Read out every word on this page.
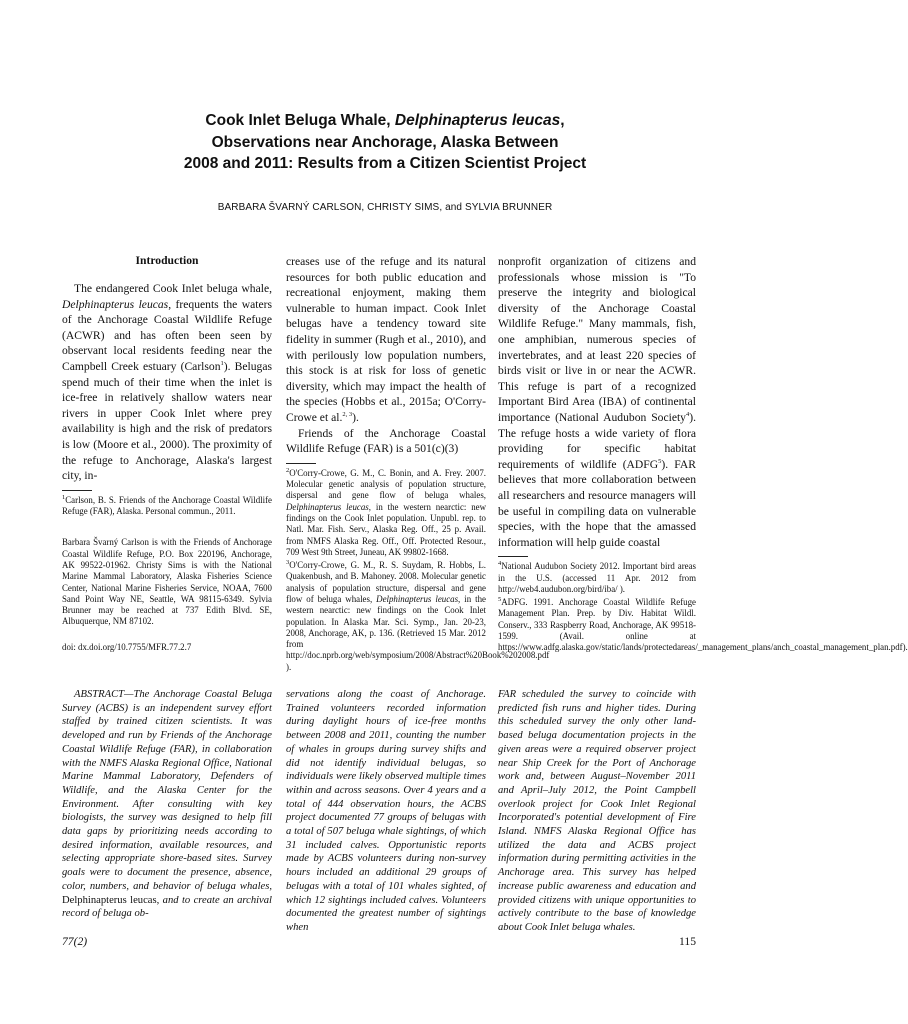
Cook Inlet Beluga Whale, Delphinapterus leucas,
Observations near Anchorage, Alaska Between
2008 and 2011: Results from a Citizen Scientist Project
BARBARA ŠVARNÝ CARLSON, CHRISTY SIMS, and SYLVIA BRUNNER

Introduction

The endangered Cook Inlet beluga whale, Delphinapterus leucas, frequents the waters of the Anchorage Coastal Wildlife Refuge (ACWR) and has often been seen by observant local residents feeding near the Campbell Creek estuary (Carlson$^1$). Belugas spend much of their time when the inlet is ice-free in relatively shallow waters near rivers in upper Cook Inlet where prey availability is high and the risk of predators is low (Moore et al., 2000). The proximity of the refuge to Anchorage, Alaska's largest city, in-

$^1$Carlson, B. S. Friends of the Anchorage Coastal Wildlife Refuge (FAR), Alaska. Personal commun., 2011.

Barbara Švarný Carlson is with the Friends of Anchorage Coastal Wildlife Refuge, P.O. Box 220196, Anchorage, AK 99522-01962. Christy Sims is with the National Marine Mammal Laboratory, Alaska Fisheries Science Center, National Marine Fisheries Service, NOAA, 7600 Sand Point Way NE, Seattle, WA 98115-6349. Sylvia Brunner may be reached at 737 Edith Blvd. SE, Albuquerque, NM 87102.

doi: dx.doi.org/10.7755/MFR.77.2.7

creases use of the refuge and its natural resources for both public education and recreational enjoyment, making them vulnerable to human impact. Cook Inlet belugas have a tendency toward site fidelity in summer (Rugh et al., 2010), and with perilously low population numbers, this stock is at risk for loss of genetic diversity, which may impact the health of the species (Hobbs et al., 2015a; O'Corry-Crowe et al.$^{2, 3}$).

Friends of the Anchorage Coastal Wildlife Refuge (FAR) is a 501(c)(3)

$^2$O'Corry-Crowe, G. M., C. Bonin, and A. Frey. 2007. Molecular genetic analysis of population structure, dispersal and gene flow of beluga whales, Delphinapterus leucas, in the western nearctic: new findings on the Cook Inlet population. Unpubl. rep. to Natl. Mar. Fish. Serv., Alaska Reg. Off., 25 p. Avail. from NMFS Alaska Reg. Off., Off. Protected Resour., 709 West 9th Street, Juneau, AK 99802-1668.

$^3$O'Corry-Crowe, G. M., R. S. Suydam, R. Hobbs, L. Quakenbush, and B. Mahoney. 2008. Molecular genetic analysis of population structure, dispersal and gene flow of beluga whales, Delphinapterus leucas, in the western nearctic: new findings on the Cook Inlet population. In Alaska Mar. Sci. Symp., Jan. 20-23, 2008, Anchorage, AK, p. 136. (Retrieved 15 Mar. 2012 from http://doc.nprb.org/web/symposium/2008/Abstract%20Book%202008.pdf ).

nonprofit organization of citizens and professionals whose mission is "To preserve the integrity and biological diversity of the Anchorage Coastal Wildlife Refuge." Many mammals, fish, one amphibian, numerous species of invertebrates, and at least 220 species of birds visit or live in or near the ACWR. This refuge is part of a recognized Important Bird Area (IBA) of continental importance (National Audubon Society$^4$). The refuge hosts a wide variety of flora providing for specific habitat requirements of wildlife (ADFG$^5$). FAR believes that more collaboration between all researchers and resource managers will be useful in compiling data on vulnerable species, with the hope that the amassed information will help guide coastal

$^4$National Audubon Society 2012. Important bird areas in the U.S. (accessed 11 Apr. 2012 from http://web4.audubon.org/bird/iba/ ).

$^5$ADFG. 1991. Anchorage Coastal Wildlife Refuge Management Plan. Prep. by Div. Habitat Wildl. Conserv., 333 Raspberry Road, Anchorage, AK 99518-1599. (Avail. online at https://www.adfg.alaska.gov/static/lands/protectedareas/_management_plans/anch_coastal_management_plan.pdf).

ABSTRACT—The Anchorage Coastal Beluga Survey (ACBS) is an independent survey effort staffed by trained citizen scientists. It was developed and run by Friends of the Anchorage Coastal Wildlife Refuge (FAR), in collaboration with the NMFS Alaska Regional Office, National Marine Mammal Laboratory, Defenders of Wildlife, and the Alaska Center for the Environment. After consulting with key biologists, the survey was designed to help fill data gaps by prioritizing needs according to desired information, available resources, and selecting appropriate shore-based sites. Survey goals were to document the presence, absence, color, numbers, and behavior of beluga whales, Delphinapterus leucas, and to create an archival record of beluga ob-

servations along the coast of Anchorage. Trained volunteers recorded information during daylight hours of ice-free months between 2008 and 2011, counting the number of whales in groups during survey shifts and did not identify individual belugas, so individuals were likely observed multiple times within and across seasons. Over 4 years and a total of 444 observation hours, the ACBS project documented 77 groups of belugas with a total of 507 beluga whale sightings, of which 31 included calves. Opportunistic reports made by ACBS volunteers during non-survey hours included an additional 29 groups of belugas with a total of 101 whales sighted, of which 12 sightings included calves. Volunteers documented the greatest number of sightings when

FAR scheduled the survey to coincide with predicted fish runs and higher tides. During this scheduled survey the only other land-based beluga documentation projects in the given areas were a required observer project near Ship Creek for the Port of Anchorage work and, between August–November 2011 and April–July 2012, the Point Campbell overlook project for Cook Inlet Regional Incorporated's potential development of Fire Island. NMFS Alaska Regional Office has utilized the data and ACBS project information during permitting activities in the Anchorage area. This survey has helped increase public awareness and education and provided citizens with unique opportunities to actively contribute to the base of knowledge about Cook Inlet beluga whales.

77(2)	115
